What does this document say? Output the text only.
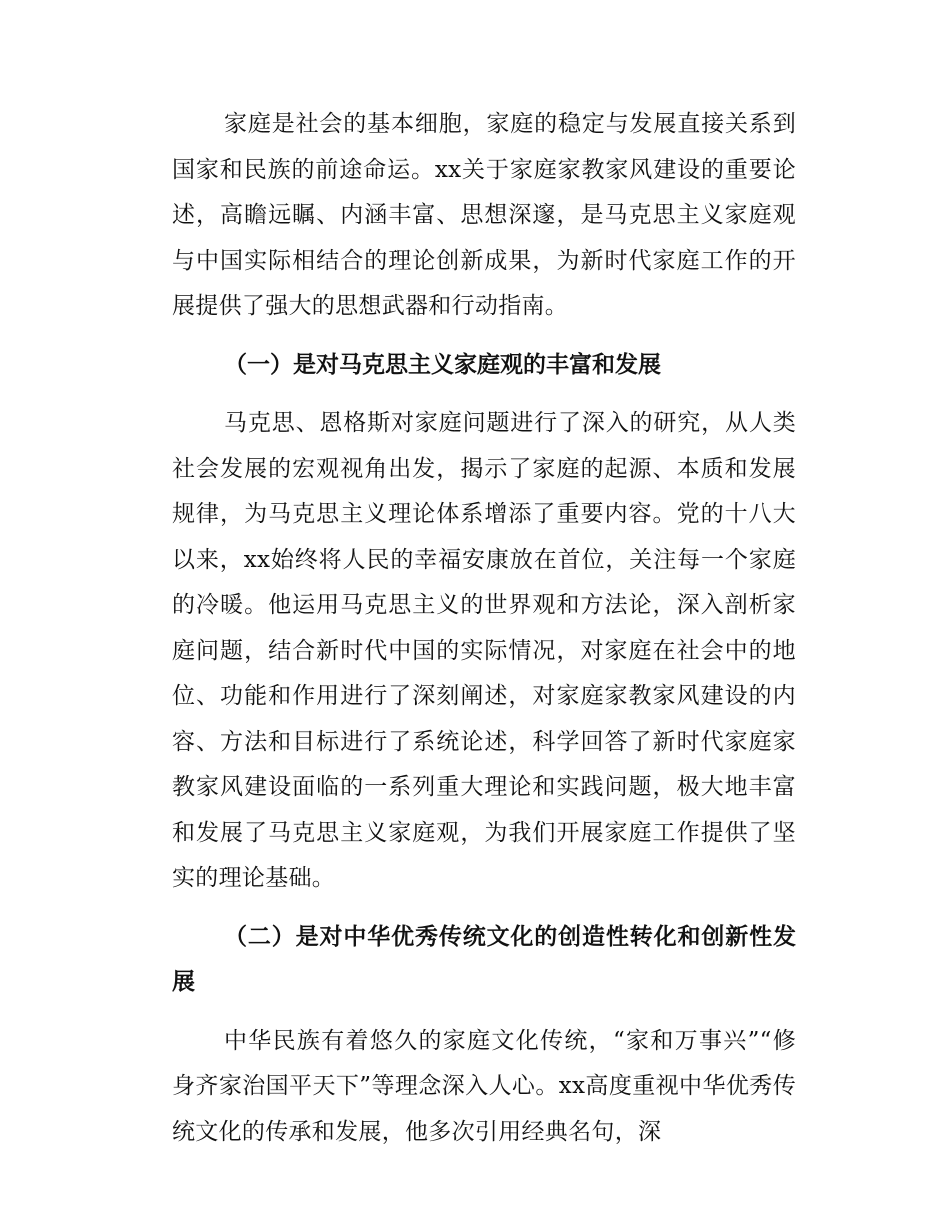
家庭是社会的基本细胞，家庭的稳定与发展直接关系到国家和民族的前途命运。xx关于家庭家教家风建设的重要论述，高瞻远瞩、内涵丰富、思想深邃，是马克思主义家庭观与中国实际相结合的理论创新成果，为新时代家庭工作的开展提供了强大的思想武器和行动指南。

（一）是对马克思主义家庭观的丰富和发展

马克思、恩格斯对家庭问题进行了深入的研究，从人类社会发展的宏观视角出发，揭示了家庭的起源、本质和发展规律，为马克思主义理论体系增添了重要内容。党的十八大以来，xx始终将人民的幸福安康放在首位，关注每一个家庭的冷暖。他运用马克思主义的世界观和方法论，深入剖析家庭问题，结合新时代中国的实际情况，对家庭在社会中的地位、功能和作用进行了深刻阐述，对家庭家教家风建设的内容、方法和目标进行了系统论述，科学回答了新时代家庭家教家风建设面临的一系列重大理论和实践问题，极大地丰富和发展了马克思主义家庭观，为我们开展家庭工作提供了坚实的理论基础。

（二）是对中华优秀传统文化的创造性转化和创新性发展

中华民族有着悠久的家庭文化传统，“家和万事兴”“修身齐家治国平天下”等理念深入人心。xx高度重视中华优秀传统文化的传承和发展，他多次引用经典名句，深
